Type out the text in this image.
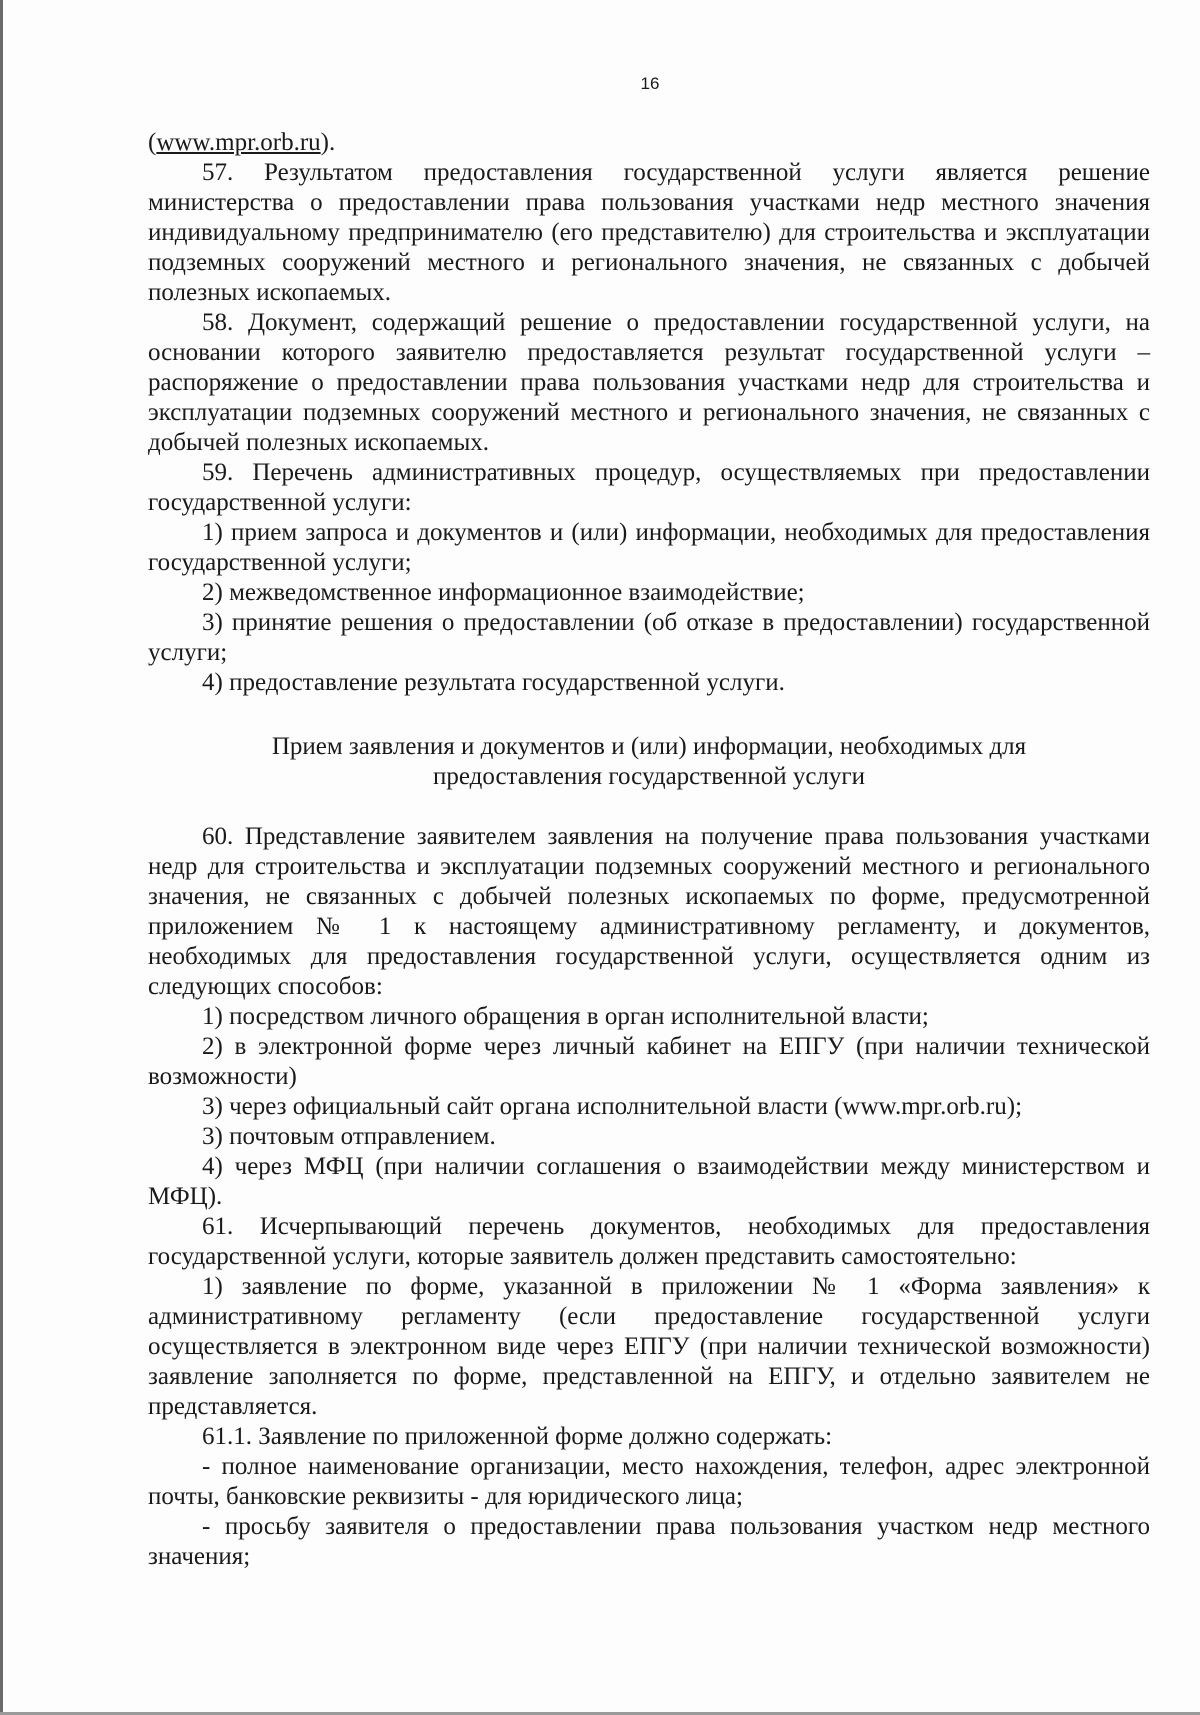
16

(www.mpr.orb.ru).

57. Результатом предоставления государственной услуги является решение министерства о предоставлении права пользования участками недр местного значения индивидуальному предпринимателю (его представителю) для строительства и эксплуатации подземных сооружений местного и регионального значения, не связанных с добычей полезных ископаемых.

58. Документ, содержащий решение о предоставлении государственной услуги, на основании которого заявителю предоставляется результат государственной услуги – распоряжение о предоставлении права пользования участками недр для строительства и эксплуатации подземных сооружений местного и регионального значения, не связанных с добычей полезных ископаемых.

59. Перечень административных процедур, осуществляемых при предоставлении государственной услуги:

1) прием запроса и документов и (или) информации, необходимых для предоставления государственной услуги;

2) межведомственное информационное взаимодействие;

3) принятие решения о предоставлении (об отказе в предоставлении) государственной услуги;

4) предоставление результата государственной услуги.

Прием заявления и документов и (или) информации, необходимых для
предоставления государственной услуги

60. Представление заявителем заявления на получение права пользования участками недр для строительства и эксплуатации подземных сооружений местного и регионального значения, не связанных с добычей полезных ископаемых по форме, предусмотренной приложением № 1 к настоящему административному регламенту, и документов, необходимых для предоставления государственной услуги, осуществляется одним из следующих способов:

1) посредством личного обращения в орган исполнительной власти;

2) в электронной форме через личный кабинет на ЕПГУ (при наличии технической возможности)

3) через официальный сайт органа исполнительной власти (www.mpr.orb.ru);

3) почтовым отправлением.

4) через МФЦ (при наличии соглашения о взаимодействии между министерством и МФЦ).

61. Исчерпывающий перечень документов, необходимых для предоставления государственной услуги, которые заявитель должен представить самостоятельно:

1) заявление по форме, указанной в приложении № 1 «Форма заявления» к административному регламенту (если предоставление государственной услуги осуществляется в электронном виде через ЕПГУ (при наличии технической возможности) заявление заполняется по форме, представленной на ЕПГУ, и отдельно заявителем не представляется.

61.1. Заявление по приложенной форме должно содержать:

- полное наименование организации, место нахождения, телефон, адрес электронной почты, банковские реквизиты - для юридического лица;

- просьбу заявителя о предоставлении права пользования участком недр местного значения;
